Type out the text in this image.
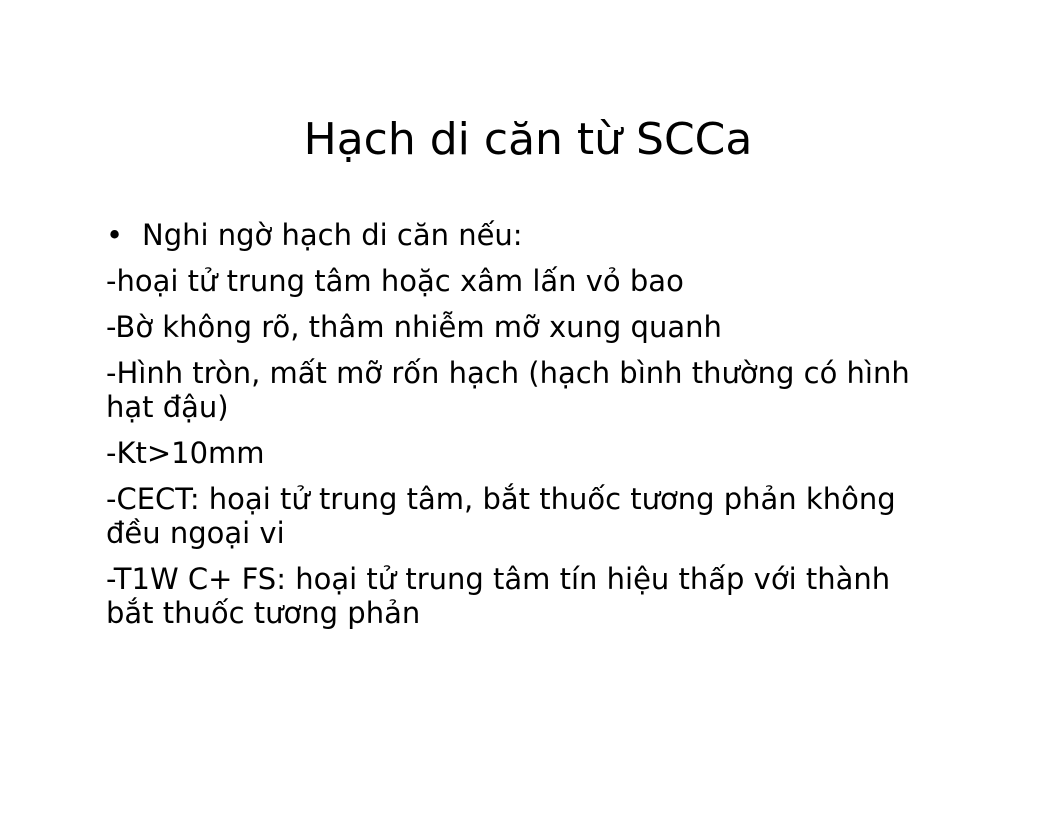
Hạch di căn từ SCCa
• Nghi ngờ hạch di căn nếu:
-hoại tử trung tâm hoặc xâm lấn vỏ bao
-Bờ không rõ, thâm nhiễm mỡ xung quanh
-Hình tròn, mất mỡ rốn hạch (hạch bình thường có hình hạt đậu)
-Kt>10mm
-CECT: hoại tử trung tâm, bắt thuốc tương phản không đều ngoại vi
-T1W C+ FS: hoại tử trung tâm tín hiệu thấp với thành bắt thuốc tương phản
